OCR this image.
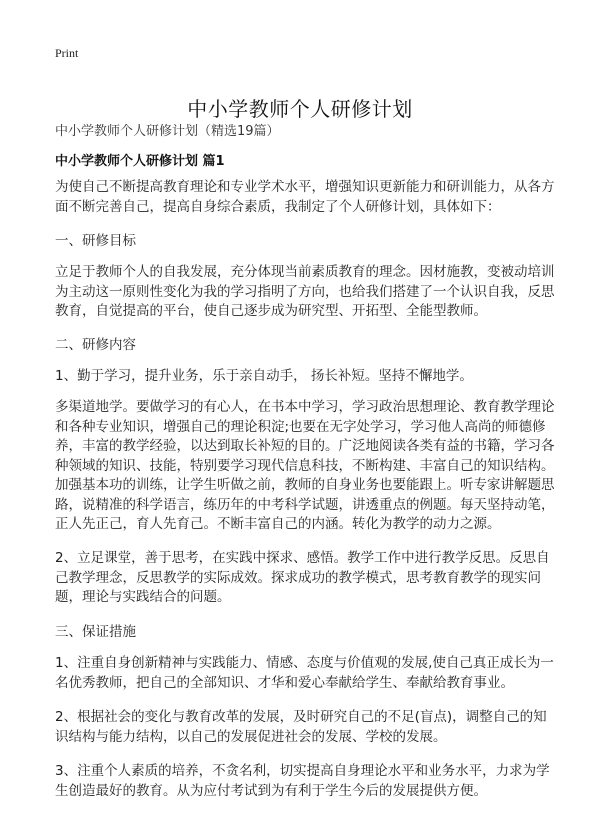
Print
中小学教师个人研修计划
中小学教师个人研修计划（精选19篇）
中小学教师个人研修计划 篇1

为使自己不断提高教育理论和专业学术水平，增强知识更新能力和研训能力，从各方面不断完善自己，提高自身综合素质，我制定了个人研修计划，具体如下：

一、研修目标

立足于教师个人的自我发展，充分体现当前素质教育的理念。因材施教，变被动培训为主动这一原则性变化为我的学习指明了方向，也给我们搭建了一个认识自我，反思教育，自觉提高的平台，使自己逐步成为研究型、开拓型、全能型教师。

二、研修内容

1、勤于学习，提升业务，乐于亲自动手， 扬长补短。坚持不懈地学。

多渠道地学。要做学习的有心人，在书本中学习，学习政治思想理论、教育教学理论和各种专业知识，增强自己的理论积淀;也要在无字处学习，学习他人高尚的师德修养，丰富的教学经验，以达到取长补短的目的。广泛地阅读各类有益的书籍，学习各种领域的知识、技能，特别要学习现代信息科技，不断构建、丰富自己的知识结构。加强基本功的训练，让学生听做之前，教师的自身业务也要能跟上。听专家讲解题思路，说精准的科学语言，练历年的中考科学试题，讲透重点的例题。每天坚持动笔，正人先正己，育人先育己。不断丰富自己的内涵。转化为教学的动力之源。

2、立足课堂，善于思考，在实践中探求、感悟。教学工作中进行教学反思。反思自己教学理念，反思教学的实际成效。探求成功的教学模式，思考教育教学的现实问题，理论与实践结合的问题。

三、保证措施

1、注重自身创新精神与实践能力、情感、态度与价值观的发展,使自己真正成长为一名优秀教师，把自己的全部知识、才华和爱心奉献给学生、奉献给教育事业。

2、根据社会的变化与教育改革的发展，及时研究自己的不足(盲点)，调整自己的知识结构与能力结构，以自己的发展促进社会的发展、学校的发展。

3、注重个人素质的培养，不贪名利，切实提高自身理论水平和业务水平，力求为学生创造最好的教育。从为应付考试到为有利于学生今后的发展提供方便。
